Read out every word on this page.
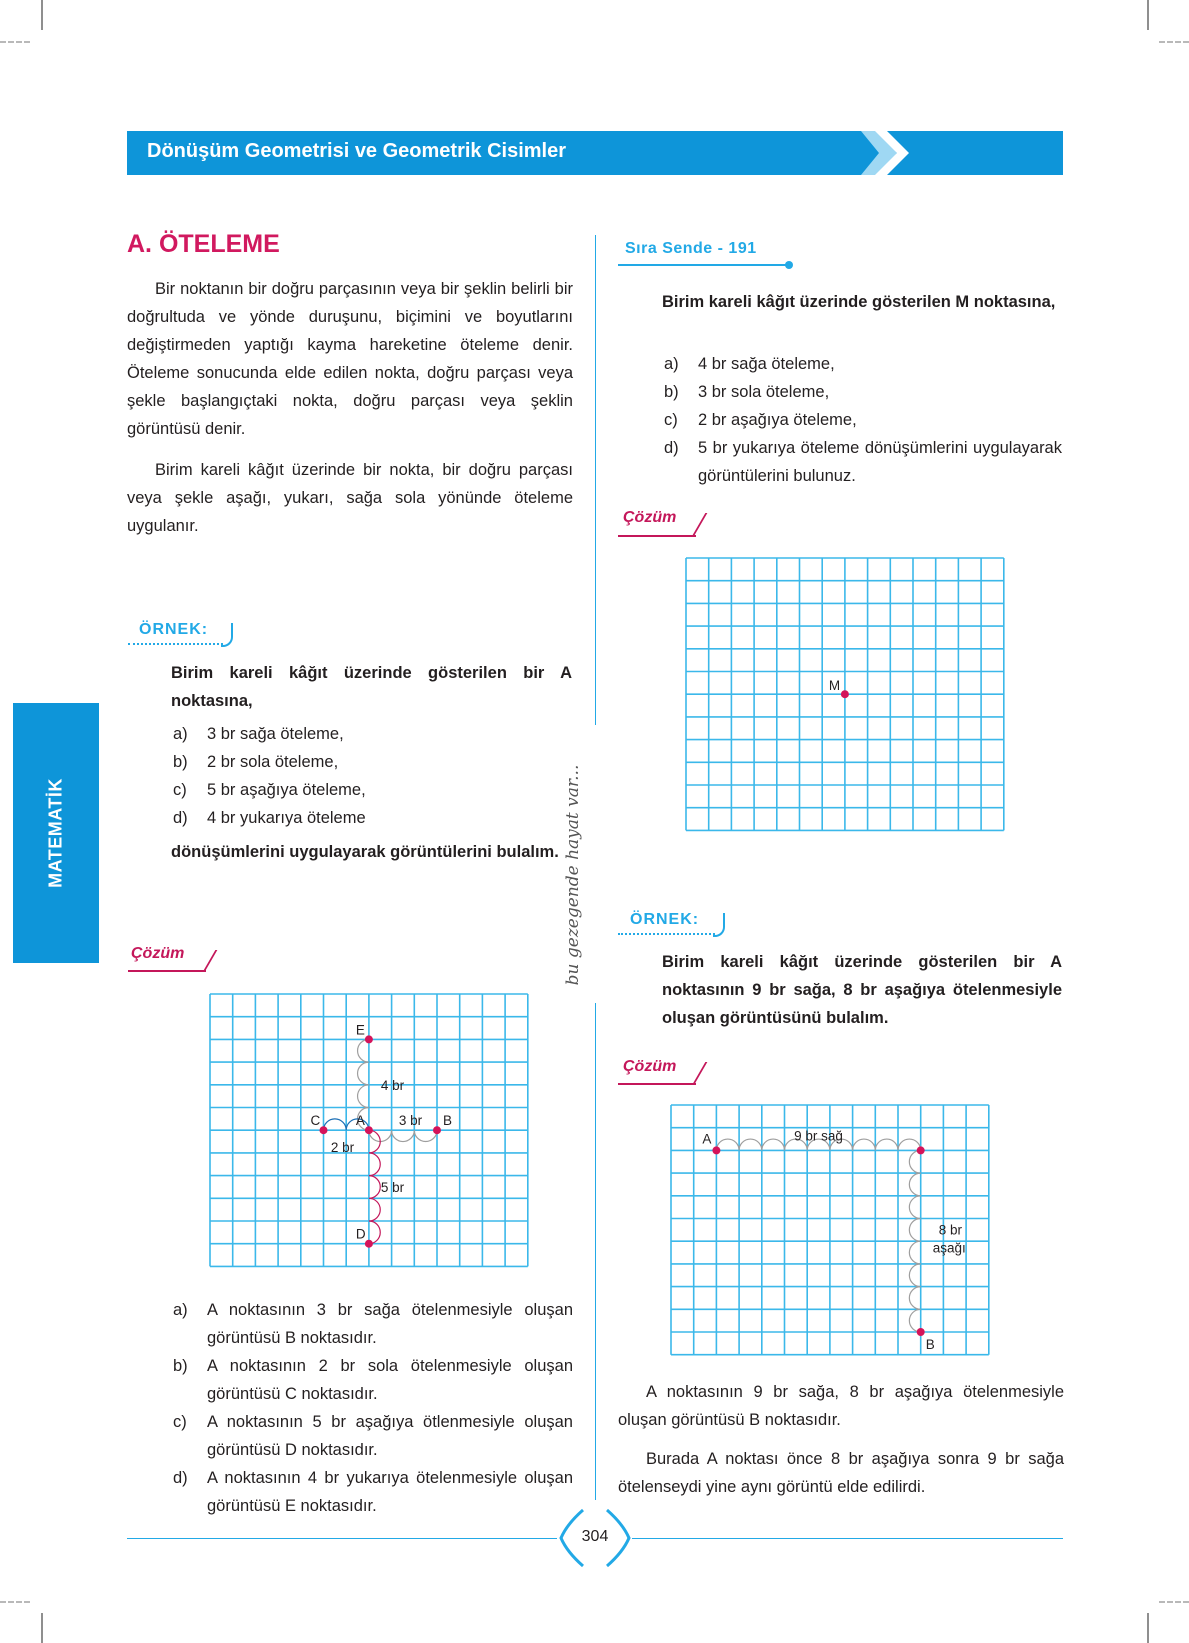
Dönüşüm Geometrisi ve Geometrik Cisimler
MATEMATİK
A. ÖTELEME
Bir noktanın bir doğru parçasının veya bir şeklin belirli bir doğrultuda ve yönde duruşunu, biçimini ve boyutlarını değiştirmeden yaptığı kayma hareketine öteleme denir. Öteleme sonucunda elde edilen nokta, doğru parçası veya şekle başlangıçtaki nokta, doğru parçası veya şeklin görüntüsü denir.
Birim kareli kâğıt üzerinde bir nokta, bir doğru parçası veya şekle aşağı, yukarı, sağa sola yönünde öteleme uygulanır.
ÖRNEK:
Birim kareli kâğıt üzerinde gösterilen bir A noktasına,
a)	3 br sağa öteleme,
b)	2 br sola öteleme,
c)	5 br aşağıya öteleme,
d)	4 br yukarıya öteleme
dönüşümlerini uygulayarak görüntülerini bulalım.
Çözüm
4 br
3 br
2 br
5 br
E
A	B
C
D
a)	A noktasının 3 br sağa ötelenmesiyle oluşan görüntüsü B noktasıdır.
b)	A noktasının 2 br sola ötelenmesiyle oluşan görüntüsü C noktasıdır.
c)	A noktasının 5 br aşağıya ötlenmesiyle oluşan görüntüsü D noktasıdır.
d)	A noktasının 4 br yukarıya ötelenmesiyle oluşan görüntüsü E noktasıdır.
bu gezegende hayat var...
Sıra Sende - 191
Birim kareli kâğıt üzerinde gösterilen M noktasına,
a)	4 br sağa öteleme,
b)	3 br sola öteleme,
c)	2 br aşağıya öteleme,
d)	5 br yukarıya öteleme dönüşümlerini uygulayarak görüntülerini bulunuz.
Çözüm
M
ÖRNEK:
Birim kareli kâğıt üzerinde gösterilen bir A noktasının 9 br sağa, 8 br aşağıya ötelenmesiyle oluşan görüntüsünü bulalım.
Çözüm
9 br sağ
8 br
aşağı
A
B
A noktasının 9 br sağa, 8 br aşağıya ötelenmesiyle oluşan görüntüsü B noktasıdır.
Burada A noktası önce 8 br aşağıya sonra 9 br sağa ötelenseydi yine aynı görüntü elde edilirdi.
304
